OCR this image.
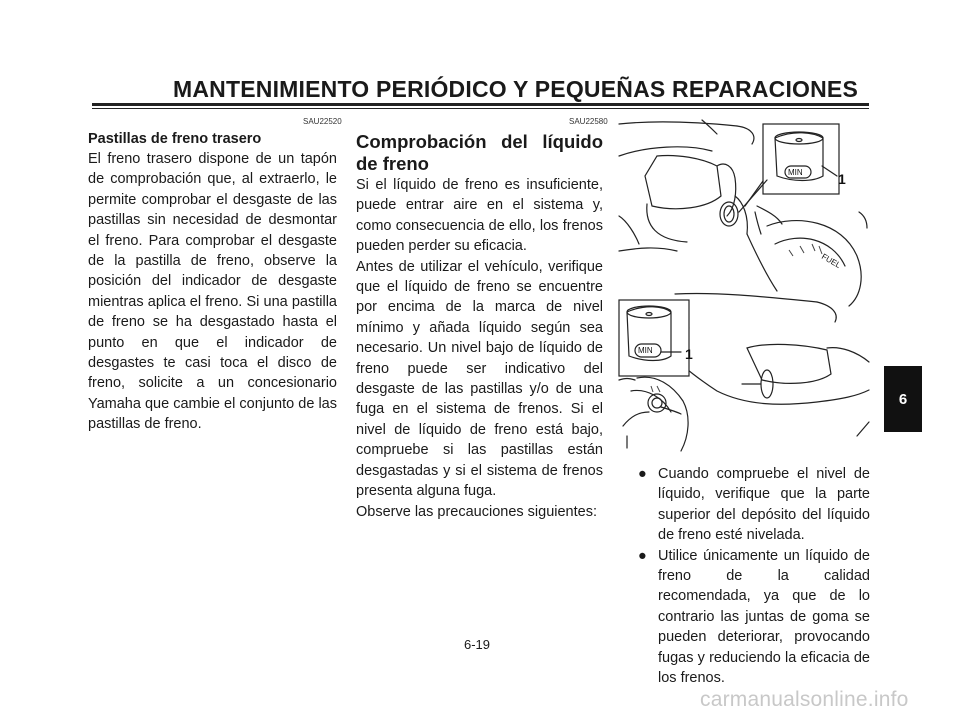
MANTENIMIENTO PERIÓDICO Y PEQUEÑAS REPARACIONES
SAU22520

Pastillas de freno trasero

El freno trasero dispone de un tapón de comprobación que, al extraerlo, le permite comprobar el desgaste de las pastillas sin necesidad de desmontar el freno. Para comprobar el desgaste de la pastilla de freno, observe la posición del indicador de desgaste mientras aplica el freno. Si una pastilla de freno se ha desgastado hasta el punto en que el indicador de desgastes te casi toca el disco de freno, solicite a un concesionario Yamaha que cambie el conjunto de las pastillas de freno.

SAU22580

Comprobación del líquido de freno

Si el líquido de freno es insuficiente, puede entrar aire en el sistema y, como consecuencia de ello, los frenos pueden perder su eficacia.

Antes de utilizar el vehículo, verifique que el líquido de freno se encuentre por encima de la marca de nivel mínimo y añada líquido según sea necesario. Un nivel bajo de líquido de freno puede ser indicativo del desgaste de las pastillas y/o de una fuga en el sistema de frenos. Si el nivel de líquido de freno está bajo, compruebe si las pastillas están desgastadas y si el sistema de frenos presenta alguna fuga.

Observe las precauciones siguientes:

MIN
MIN
FUEL
1
1

● Cuando compruebe el nivel de líquido, verifique que la parte superior del depósito del líquido de freno esté nivelada.

● Utilice únicamente un líquido de freno de la calidad recomendada, ya que de lo contrario las juntas de goma se pueden deteriorar, provocando fugas y reduciendo la eficacia de los frenos.

6
6-19
carmanualsonline.info
